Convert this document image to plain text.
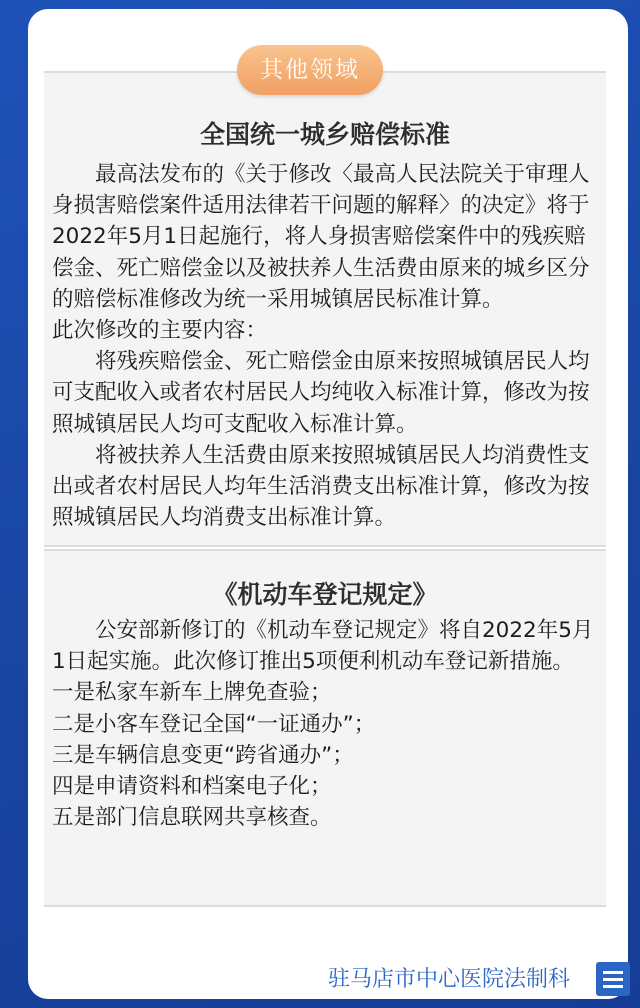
全国统一城乡赔偿标准

最高法发布的《关于修改〈最高人民法院关于审理人身损害赔偿案件适用法律若干问题的解释〉的决定》将于2022年5月1日起施行，将人身损害赔偿案件中的残疾赔偿金、死亡赔偿金以及被扶养人生活费由原来的城乡区分的赔偿标准修改为统一采用城镇居民标准计算。

此次修改的主要内容：

将残疾赔偿金、死亡赔偿金由原来按照城镇居民人均可支配收入或者农村居民人均纯收入标准计算，修改为按照城镇居民人均可支配收入标准计算。

将被扶养人生活费由原来按照城镇居民人均消费性支出或者农村居民人均年生活消费支出标准计算，修改为按照城镇居民人均消费支出标准计算。

其他领域
《机动车登记规定》

公安部新修订的《机动车登记规定》将自2022年5月1日起实施。此次修订推出5项便利机动车登记新措施。

一是私家车新车上牌免查验；

二是小客车登记全国“一证通办”；

三是车辆信息变更“跨省通办”；

四是申请资料和档案电子化；

五是部门信息联网共享核查。

驻马店市中心医院法制科
